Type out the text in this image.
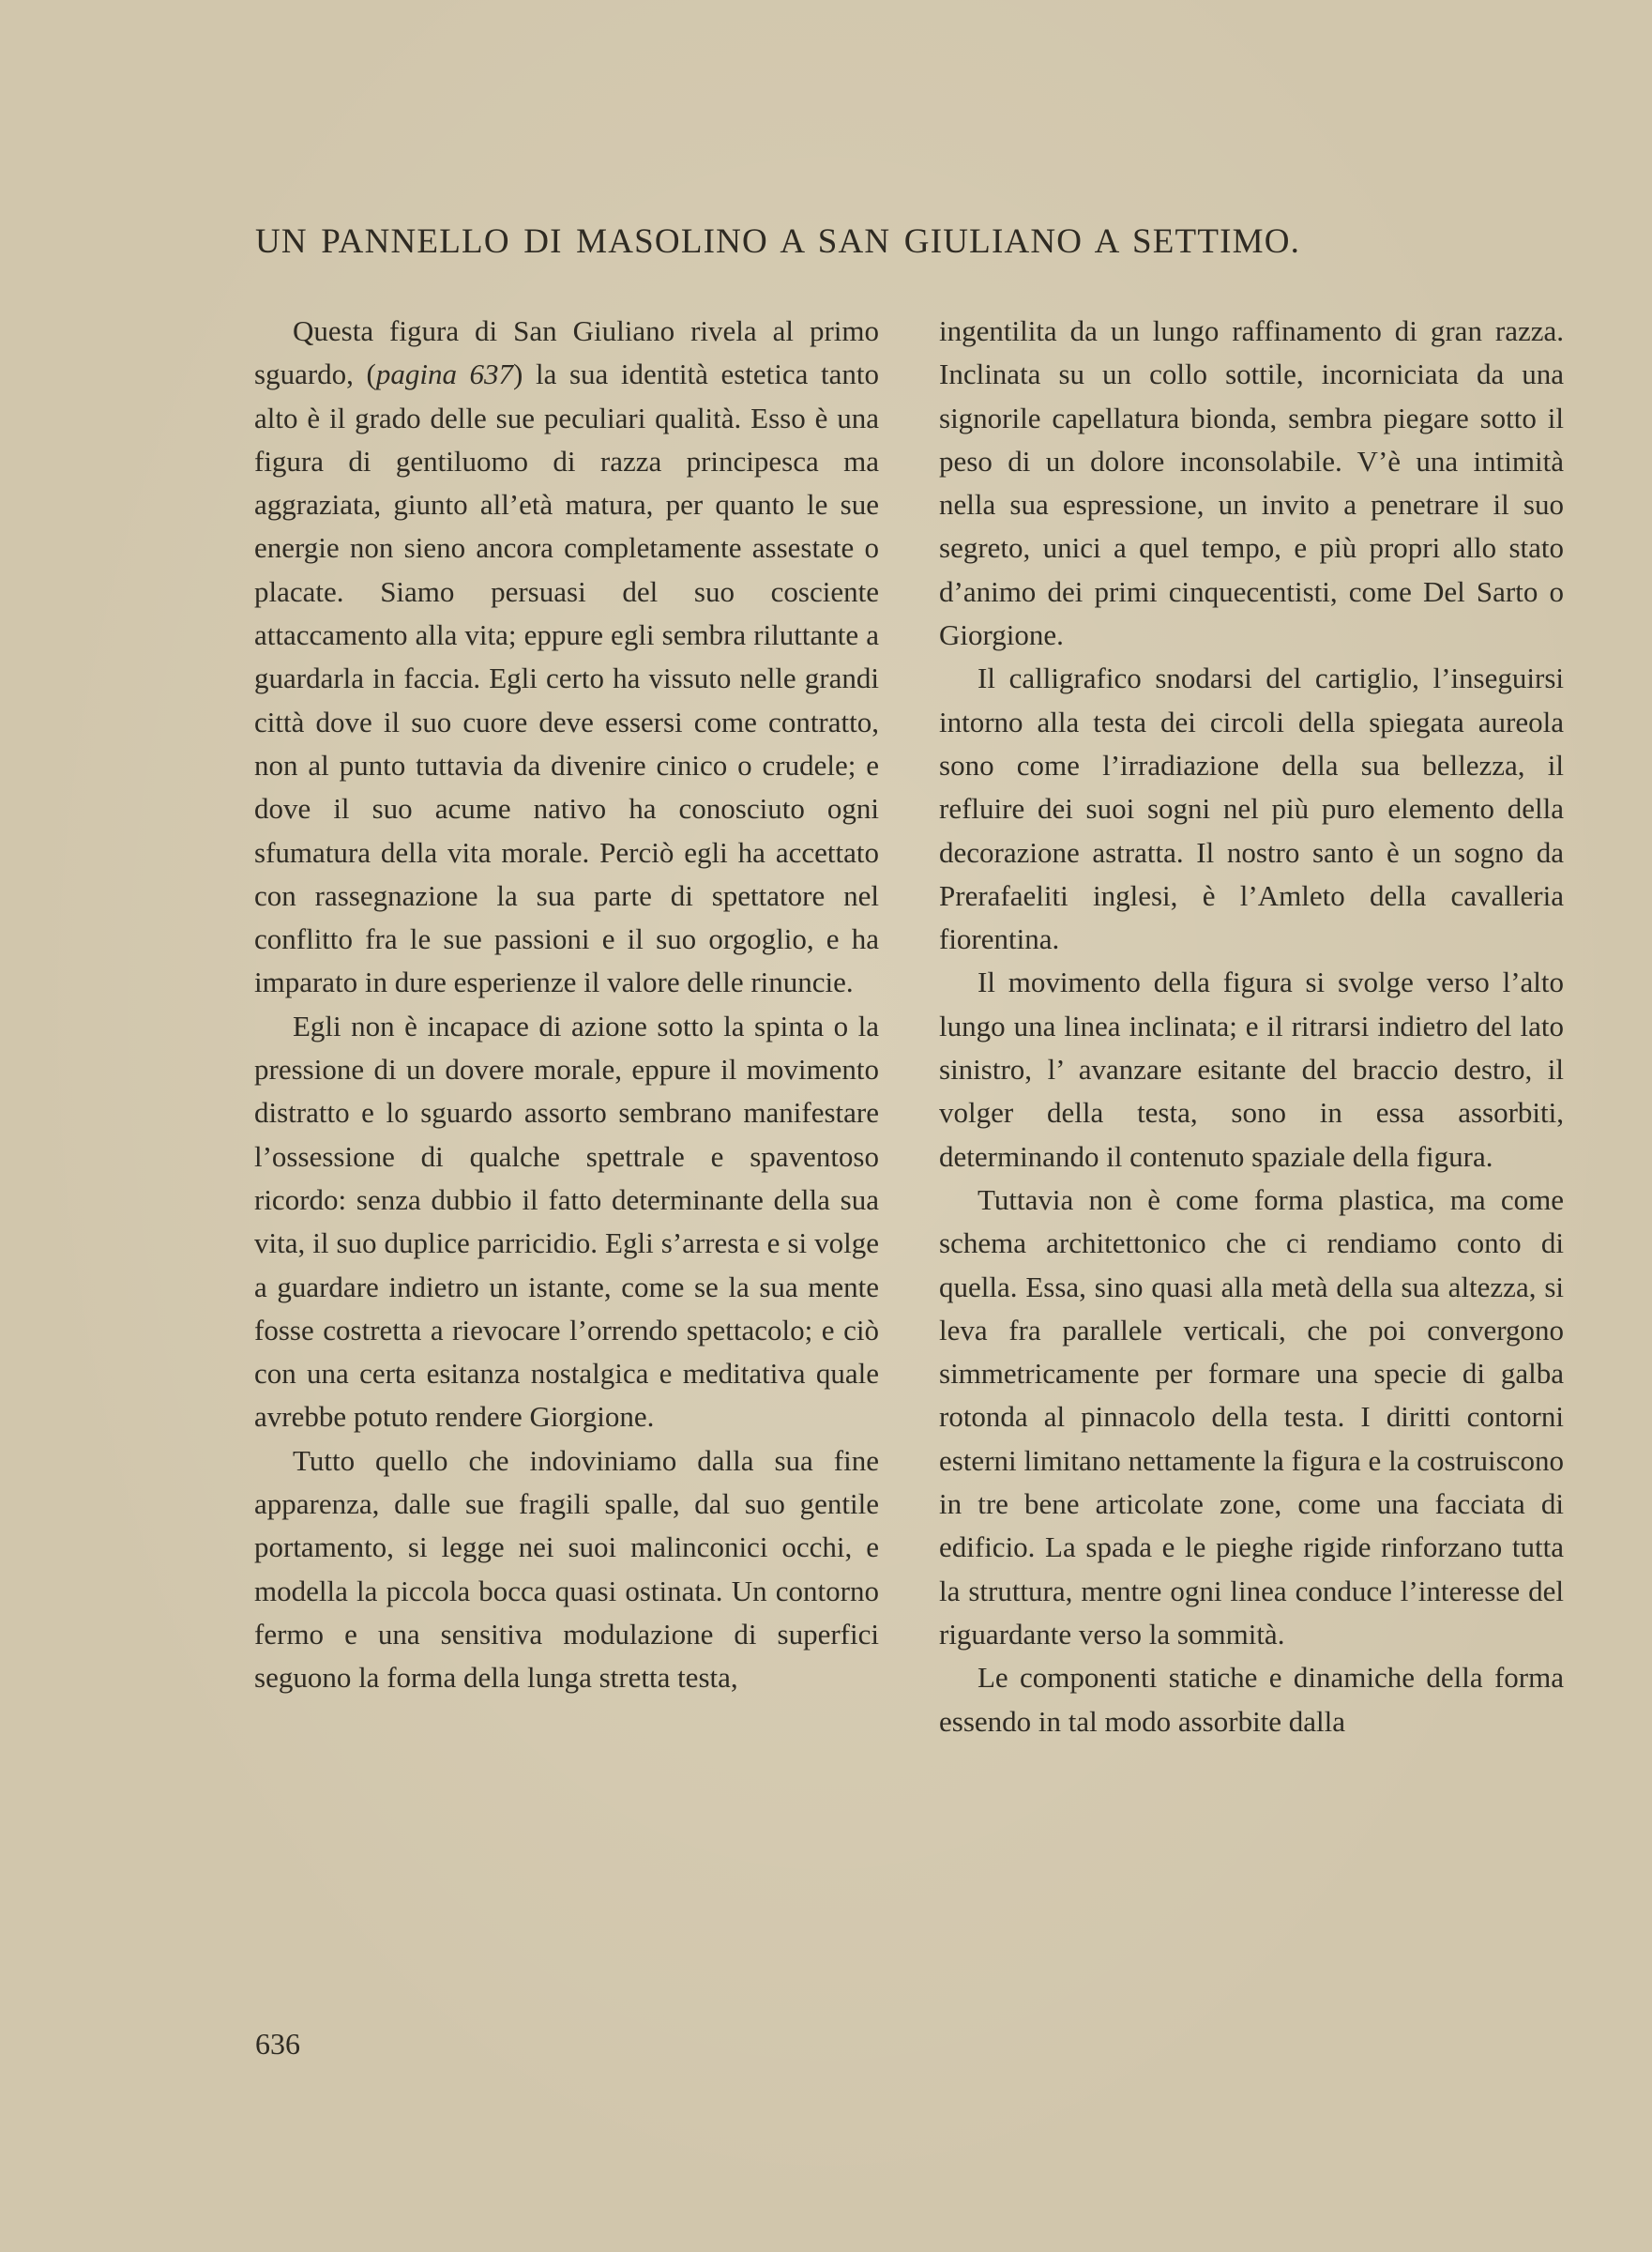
UN PANNELLO DI MASOLINO A SAN GIULIANO A SETTIMO.

Questa figura di San Giuliano rivela al primo sguardo, (pagina 637) la sua identità estetica tanto alto è il grado delle sue peculiari qualità. Esso è una figura di gentiluomo di razza principesca ma aggraziata, giunto all’età matura, per quanto le sue energie non sieno ancora completamente assestate o placate. Siamo persuasi del suo cosciente attaccamento alla vita; eppure egli sembra riluttante a guardarla in faccia. Egli certo ha vissuto nelle grandi città dove il suo cuore deve essersi come contratto, non al punto tuttavia da divenire cinico o crudele; e dove il suo acume nativo ha conosciuto ogni sfumatura della vita morale. Perciò egli ha accettato con rassegnazione la sua parte di spettatore nel conflitto fra le sue passioni e il suo orgoglio, e ha imparato in dure esperienze il valore delle rinuncie.

Egli non è incapace di azione sotto la spinta o la pressione di un dovere morale, eppure il movimento distratto e lo sguardo assorto sembrano manifestare l’ossessione di qualche spettrale e spaventoso ricordo: senza dubbio il fatto determinante della sua vita, il suo duplice parricidio. Egli s’arresta e si volge a guardare indietro un istante, come se la sua mente fosse costretta a rievocare l’orrendo spettacolo; e ciò con una certa esitanza nostalgica e meditativa quale avrebbe potuto rendere Giorgione.

Tutto quello che indoviniamo dalla sua fine apparenza, dalle sue fragili spalle, dal suo gentile portamento, si legge nei suoi malinconici occhi, e modella la piccola bocca quasi ostinata. Un contorno fermo e una sensitiva modulazione di superfici seguono la forma della lunga stretta testa,

ingentilita da un lungo raffinamento di gran razza. Inclinata su un collo sottile, incorniciata da una signorile capellatura bionda, sembra piegare sotto il peso di un dolore inconsolabile. V’è una intimità nella sua espressione, un invito a penetrare il suo segreto, unici a quel tempo, e più propri allo stato d’animo dei primi cinquecentisti, come Del Sarto o Giorgione.

Il calligrafico snodarsi del cartiglio, l’inseguirsi intorno alla testa dei circoli della spiegata aureola sono come l’irradiazione della sua bellezza, il refluire dei suoi sogni nel più puro elemento della decorazione astratta. Il nostro santo è un sogno da Prerafaeliti inglesi, è l’Amleto della cavalleria fiorentina.

Il movimento della figura si svolge verso l’alto lungo una linea inclinata; e il ritrarsi indietro del lato sinistro, l’ avanzare esitante del braccio destro, il volger della testa, sono in essa assorbiti, determinando il contenuto spaziale della figura.

Tuttavia non è come forma plastica, ma come schema architettonico che ci rendiamo conto di quella. Essa, sino quasi alla metà della sua altezza, si leva fra parallele verticali, che poi convergono simmetricamente per formare una specie di galba rotonda al pinnacolo della testa. I diritti contorni esterni limitano nettamente la figura e la costruiscono in tre bene articolate zone, come una facciata di edificio. La spada e le pieghe rigide rinforzano tutta la struttura, mentre ogni linea conduce l’interesse del riguardante verso la sommità.

Le componenti statiche e dinamiche della forma essendo in tal modo assorbite dalla

636
